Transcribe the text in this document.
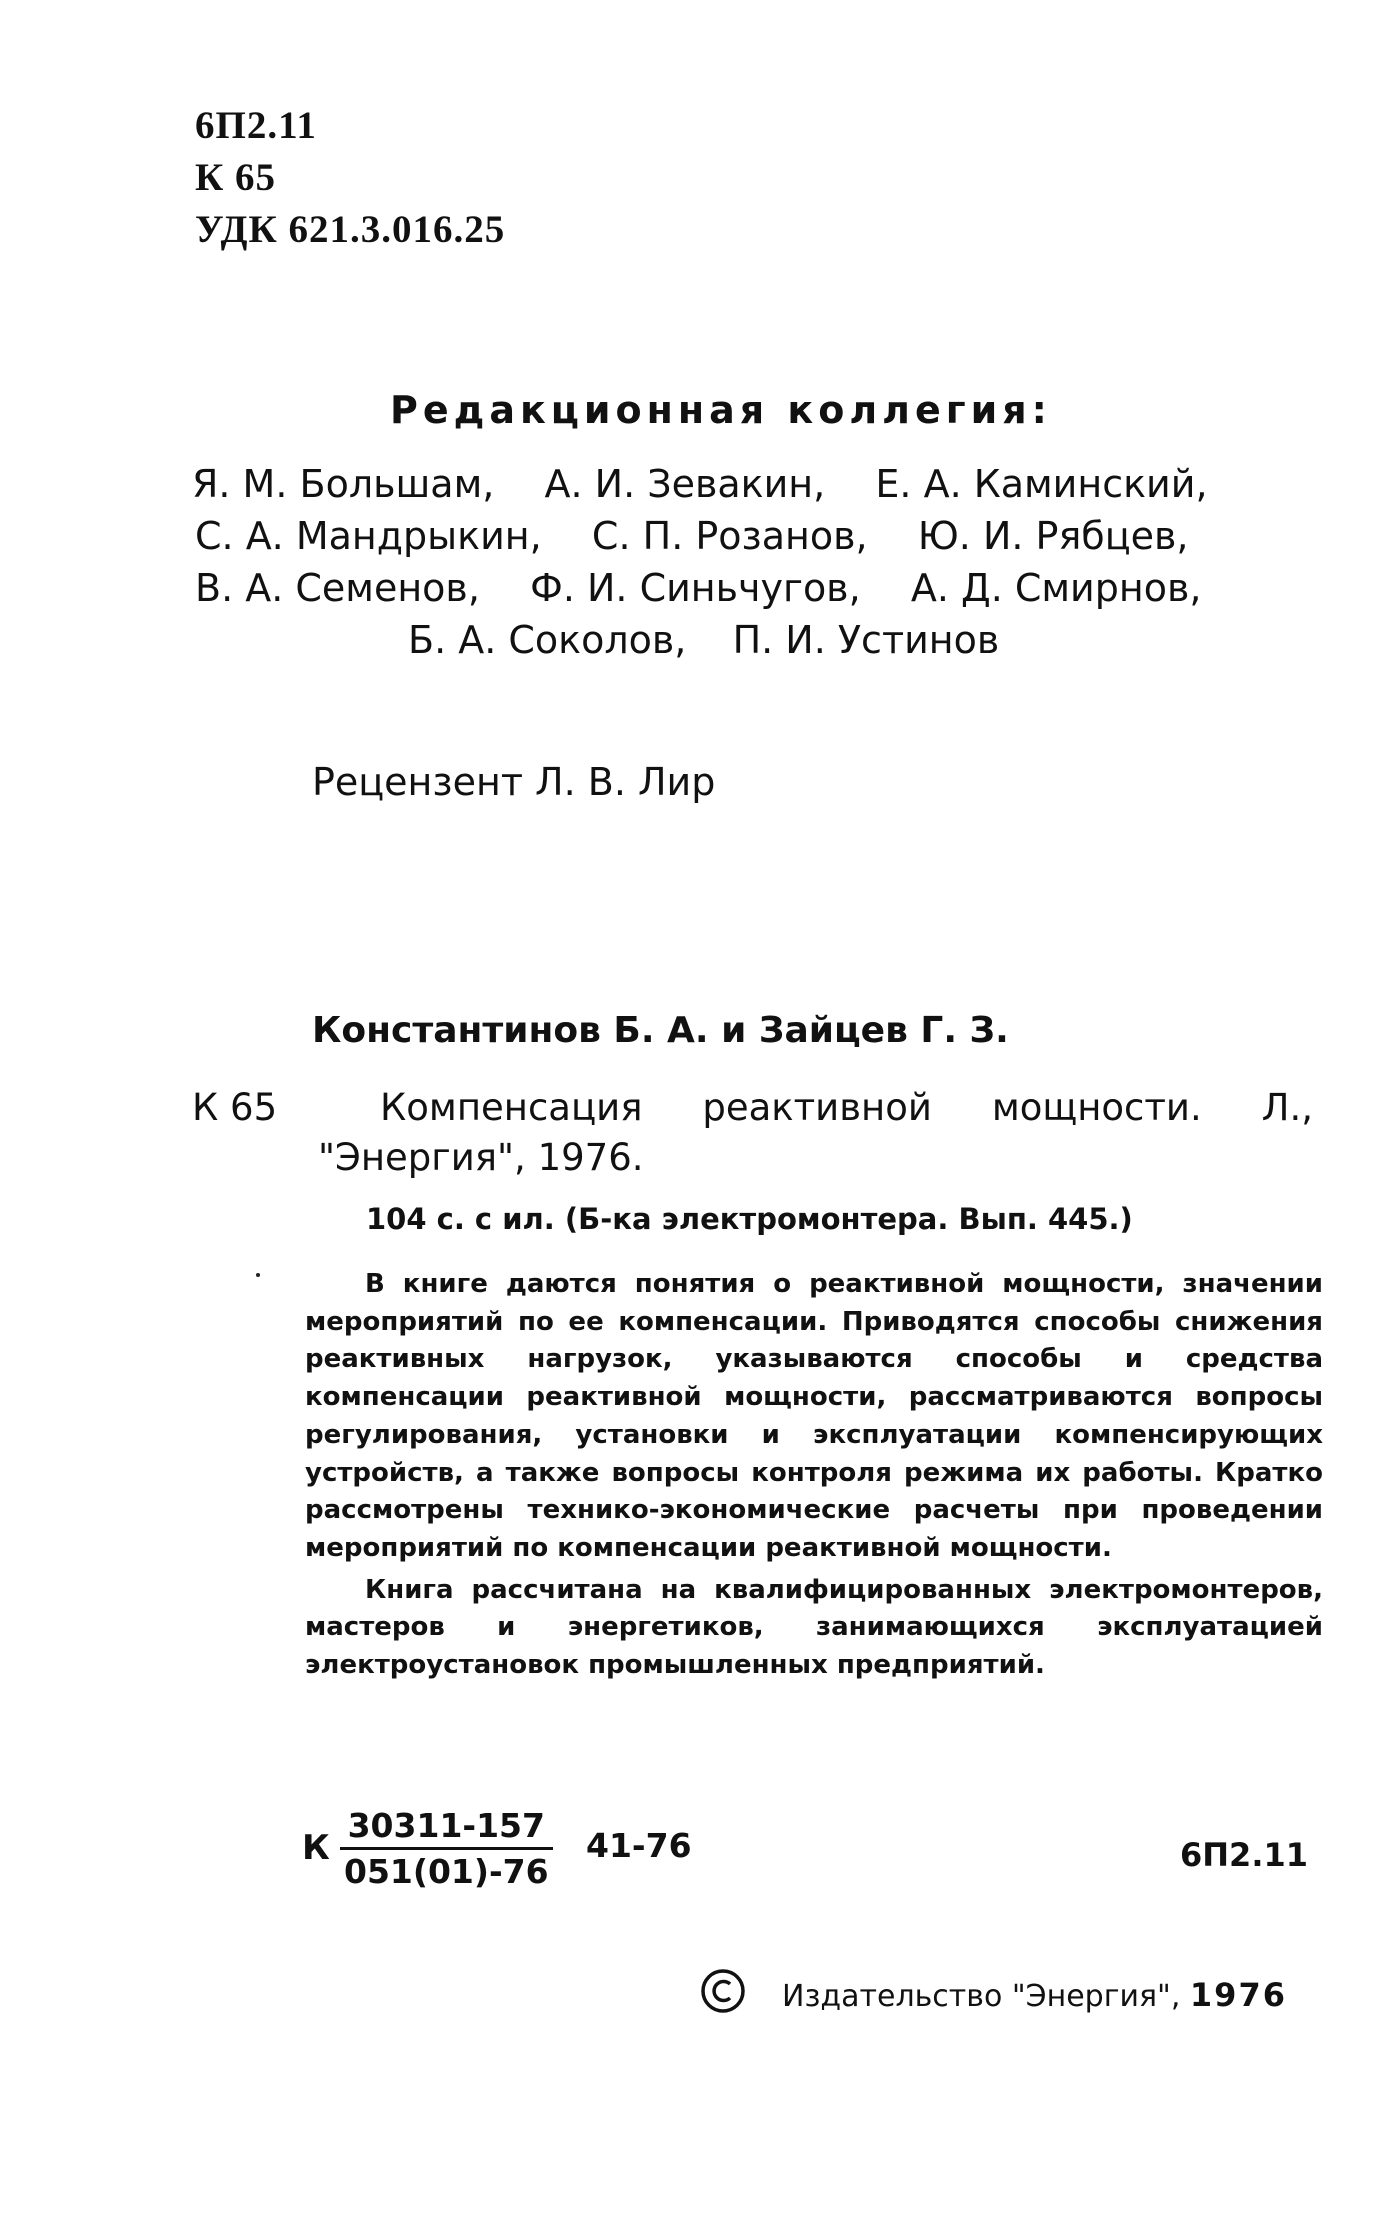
6П2.11
К 65
УДК 621.3.016.25
Редакционная коллегия:
Я. М. Большам, А. И. Зевакин, Е. А. Каминский,
С. А. Мандрыкин, С. П. Розанов, Ю. И. Рябцев,
В. А. Семенов, Ф. И. Синьчугов, А. Д. Смирнов,
Б. А. Соколов, П. И. Устинов
Рецензент Л. В. Лир
Константинов Б. А. и Зайцев Г. З.
К 65	Компенсация реактивной мощности. Л.,
"Энергия", 1976.
104 с. с ил. (Б-ка электромонтера. Вып. 445.)

В книге даются понятия о реактивной мощности, значении мероприятий по ее компенсации. Приводятся способы снижения реактивных нагрузок, указываются способы и средства компенсации реактивной мощности, рассматриваются вопросы регулирования, установки и эксплуатации компенсирующих устройств, а также вопросы контроля режима их работы. Кратко рассмотрены технико-экономические расчеты при проведении мероприятий по компенсации реактивной мощности.

Книга рассчитана на квалифицированных электромонтеров, мастеров и энергетиков, занимающихся эксплуатацией электроустановок промышленных предприятий.

К $\frac{30311-157}{051(01)-76} 41-76$	6П2.11
Издательство "Энергия", 1976
